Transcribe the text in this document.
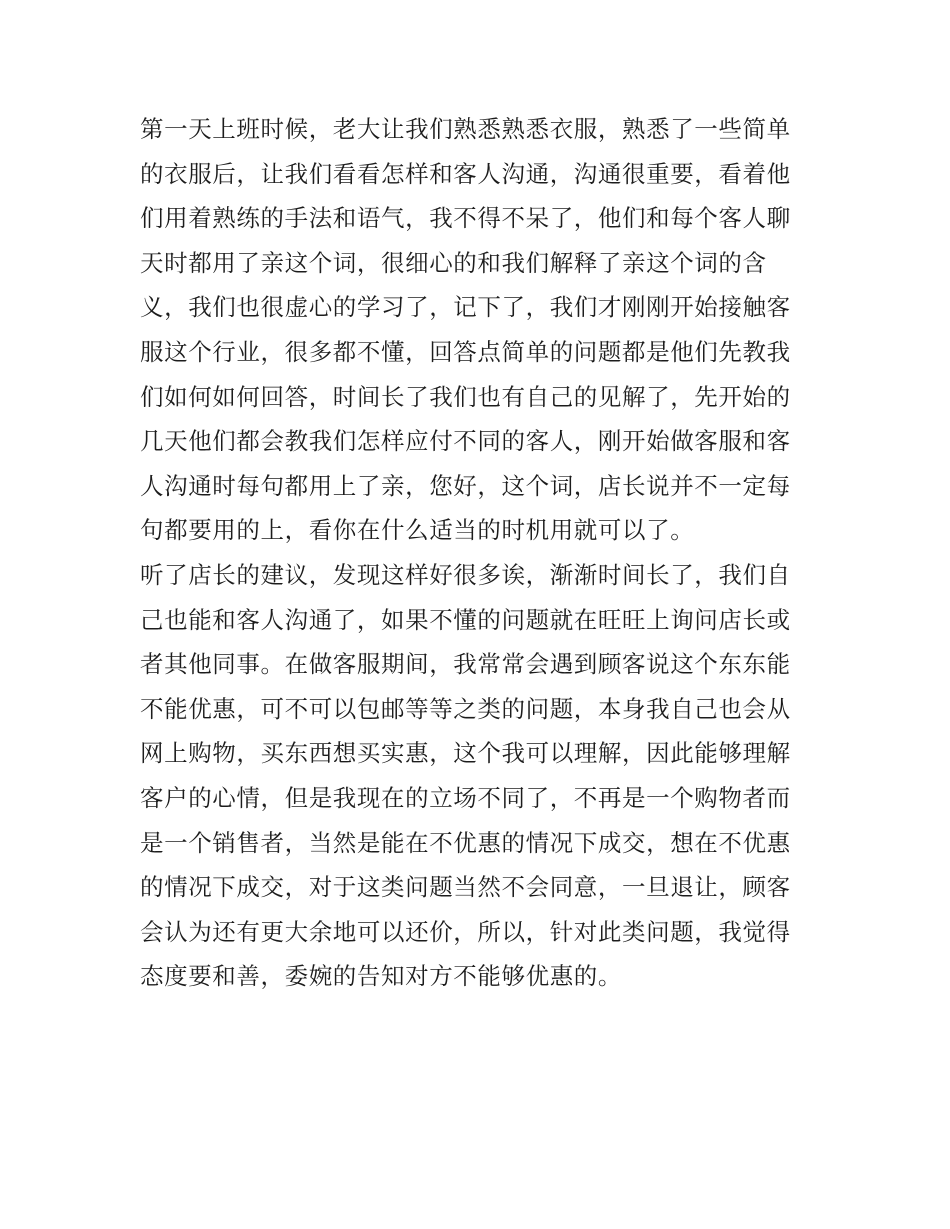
第一天上班时候，老大让我们熟悉熟悉衣服，熟悉了一些简单
的衣服后，让我们看看怎样和客人沟通，沟通很重要，看着他
们用着熟练的手法和语气，我不得不呆了，他们和每个客人聊
天时都用了亲这个词，很细心的和我们解释了亲这个词的含
义，我们也很虚心的学习了，记下了，我们才刚刚开始接触客
服这个行业，很多都不懂，回答点简单的问题都是他们先教我
们如何如何回答，时间长了我们也有自己的见解了，先开始的
几天他们都会教我们怎样应付不同的客人，刚开始做客服和客
人沟通时每句都用上了亲，您好，这个词，店长说并不一定每
句都要用的上，看你在什么适当的时机用就可以了。
听了店长的建议，发现这样好很多诶，渐渐时间长了，我们自
己也能和客人沟通了，如果不懂的问题就在旺旺上询问店长或
者其他同事。在做客服期间，我常常会遇到顾客说这个东东能
不能优惠，可不可以包邮等等之类的问题，本身我自己也会从
网上购物，买东西想买实惠，这个我可以理解，因此能够理解
客户的心情，但是我现在的立场不同了，不再是一个购物者而
是一个销售者，当然是能在不优惠的情况下成交，想在不优惠
的情况下成交，对于这类问题当然不会同意，一旦退让，顾客
会认为还有更大余地可以还价，所以，针对此类问题，我觉得
态度要和善，委婉的告知对方不能够优惠的。
